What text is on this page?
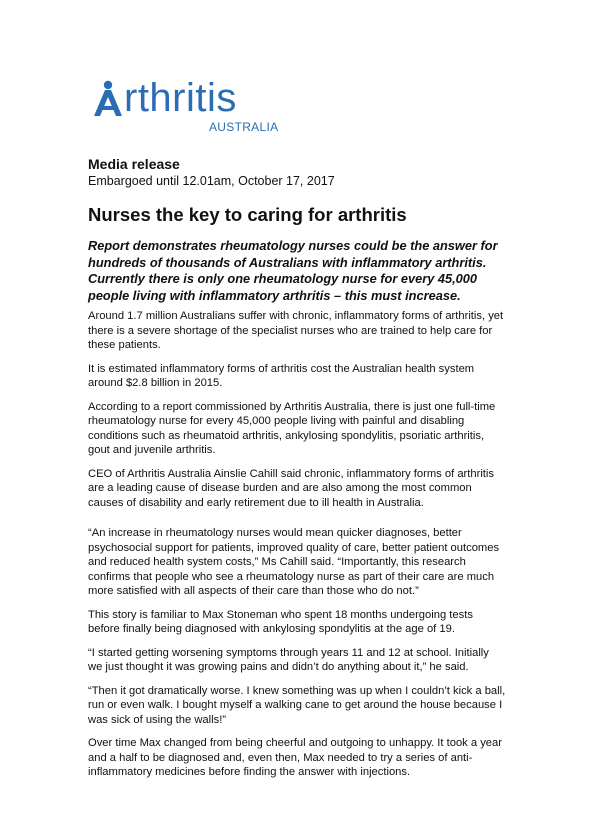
rthritis
AUSTRALIA
Media release
Embargoed until 12.01am, October 17, 2017
Nurses the key to caring for arthritis
Report demonstrates rheumatology nurses could be the answer for hundreds of thousands of Australians with inflammatory arthritis. Currently there is only one rheumatology nurse for every 45,000 people living with inflammatory arthritis – this must increase.

Around 1.7 million Australians suffer with chronic, inflammatory forms of arthritis, yet there is a severe shortage of the specialist nurses who are trained to help care for these patients.

It is estimated inflammatory forms of arthritis cost the Australian health system around $2.8 billion in 2015.

According to a report commissioned by Arthritis Australia, there is just one full-time rheumatology nurse for every 45,000 people living with painful and disabling conditions such as rheumatoid arthritis, ankylosing spondylitis, psoriatic arthritis, gout and juvenile arthritis.

CEO of Arthritis Australia Ainslie Cahill said chronic, inflammatory forms of arthritis are a leading cause of disease burden and are also among the most common causes of disability and early retirement due to ill health in Australia.

“An increase in rheumatology nurses would mean quicker diagnoses, better psychosocial support for patients, improved quality of care, better patient outcomes and reduced health system costs,” Ms Cahill said. “Importantly, this research confirms that people who see a rheumatology nurse as part of their care are much more satisfied with all aspects of their care than those who do not.”

This story is familiar to Max Stoneman who spent 18 months undergoing tests before finally being diagnosed with ankylosing spondylitis at the age of 19.

“I started getting worsening symptoms through years 11 and 12 at school. Initially we just thought it was growing pains and didn’t do anything about it,” he said.

“Then it got dramatically worse. I knew something was up when I couldn’t kick a ball, run or even walk. I bought myself a walking cane to get around the house because I was sick of using the walls!”

Over time Max changed from being cheerful and outgoing to unhappy. It took a year and a half to be diagnosed and, even then, Max needed to try a series of anti-inflammatory medicines before finding the answer with injections.
